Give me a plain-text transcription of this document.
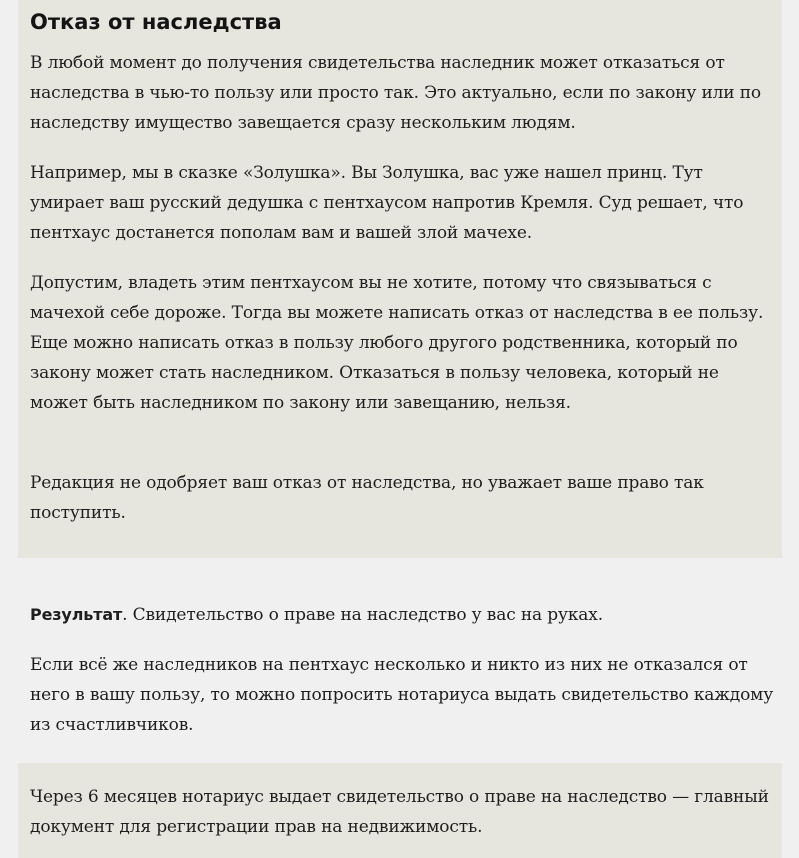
Отказ от наследства

В любой момент до получения свидетельства наследник может отказаться от наследства в чью-то пользу или просто так. Это актуально, если по закону или по наследству имущество завещается сразу нескольким людям.

Например, мы в сказке «Золушка». Вы Золушка, вас уже нашел принц. Тут умирает ваш русский дедушка с пентхаусом напротив Кремля. Суд решает, что пентхаус достанется пополам вам и вашей злой мачехе.

Допустим, владеть этим пентхаусом вы не хотите, потому что связываться с мачехой себе дороже. Тогда вы можете написать отказ от наследства в ее пользу. Еще можно написать отказ в пользу любого другого родственника, который по закону может стать наследником. Отказаться в пользу человека, который не может быть наследником по закону или завещанию, нельзя.

Редакция не одобряет ваш отказ от наследства, но уважает ваше право так поступить.

Результат. Свидетельство о праве на наследство у вас на руках.

Если всё же наследников на пентхаус несколько и никто из них не отказался от него в вашу пользу, то можно попросить нотариуса выдать свидетельство каждому из счастливчиков.

Через 6 месяцев нотариус выдает свидетельство о праве на наследство — главный документ для регистрации прав на недвижимость.
